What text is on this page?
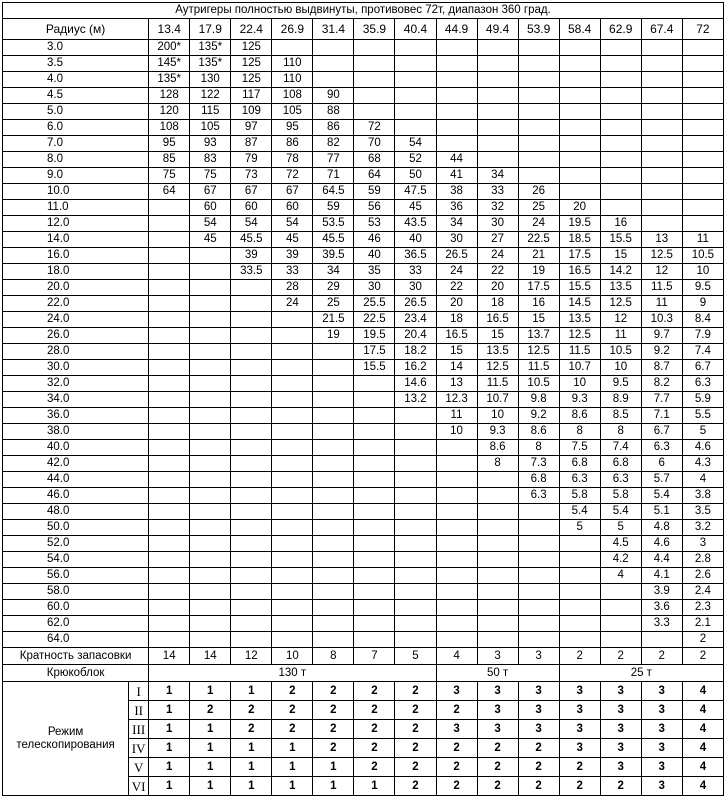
Аутригеры полностью выдвинуты, противовес 72т, диапазон 360 град.															
Радиус (м)		13.4	17.9	22.4	26.9	31.4	35.9	40.4	44.9	49.4	53.9	58.4	62.9	67.4	72
3.0		200*	135*	125											
3.5		145*	135*	125	110										
4.0		135*	130	125	110										
4.5		128	122	117	108	90									
5.0		120	115	109	105	88									
6.0		108	105	97	95	86	72								
7.0		95	93	87	86	82	70	54							
8.0		85	83	79	78	77	68	52	44						
9.0		75	75	73	72	71	64	50	41	34					
10.0		64	67	67	67	64.5	59	47.5	38	33	26				
11.0			60	60	60	59	56	45	36	32	25	20			
12.0			54	54	54	53.5	53	43.5	34	30	24	19.5	16		
14.0			45	45.5	45	45.5	46	40	30	27	22.5	18.5	15.5	13	11
16.0				39	39	39.5	40	36.5	26.5	24	21	17.5	15	12.5	10.5
18.0				33.5	33	34	35	33	24	22	19	16.5	14.2	12	10
20.0					28	29	30	30	22	20	17.5	15.5	13.5	11.5	9.5
22.0					24	25	25.5	26.5	20	18	16	14.5	12.5	11	9
24.0						21.5	22.5	23.4	18	16.5	15	13.5	12	10.3	8.4
26.0						19	19.5	20.4	16.5	15	13.7	12.5	11	9.7	7.9
28.0							17.5	18.2	15	13.5	12.5	11.5	10.5	9.2	7.4
30.0							15.5	16.2	14	12.5	11.5	10.7	10	8.7	6.7
32.0								14.6	13	11.5	10.5	10	9.5	8.2	6.3
34.0								13.2	12.3	10.7	9.8	9.3	8.9	7.7	5.9
36.0									11	10	9.2	8.6	8.5	7.1	5.5
38.0									10	9.3	8.6	8	8	6.7	5
40.0										8.6	8	7.5	7.4	6.3	4.6
42.0										8	7.3	6.8	6.8	6	4.3
44.0											6.8	6.3	6.3	5.7	4
46.0											6.3	5.8	5.8	5.4	3.8
48.0												5.4	5.4	5.1	3.5
50.0												5	5	4.8	3.2
52.0													4.5	4.6	3
54.0													4.2	4.4	2.8
56.0													4	4.1	2.6
58.0														3.9	2.4
60.0														3.6	2.3
62.0														3.3	2.1
64.0															2
Кратность запасовки		14	14	12	10	8	7	5	4	3	3	2	2	2	2
Крюкоблок		130 т							50 т			25 т			
Режим телескопирования	I	1	1	1	2	2	2	2	3	3	3	3	3	3	4
	II	1	2	2	2	2	2	2	2	3	3	3	3	3	4
	III	1	1	2	2	2	2	2	3	3	3	3	3	3	4
	IV	1	1	1	1	2	2	2	2	2	2	3	3	3	4
	V	1	1	1	1	1	2	2	2	2	2	2	3	3	4
	VI	1	1	1	1	1	1	2	2	2	2	2	2	3	4
